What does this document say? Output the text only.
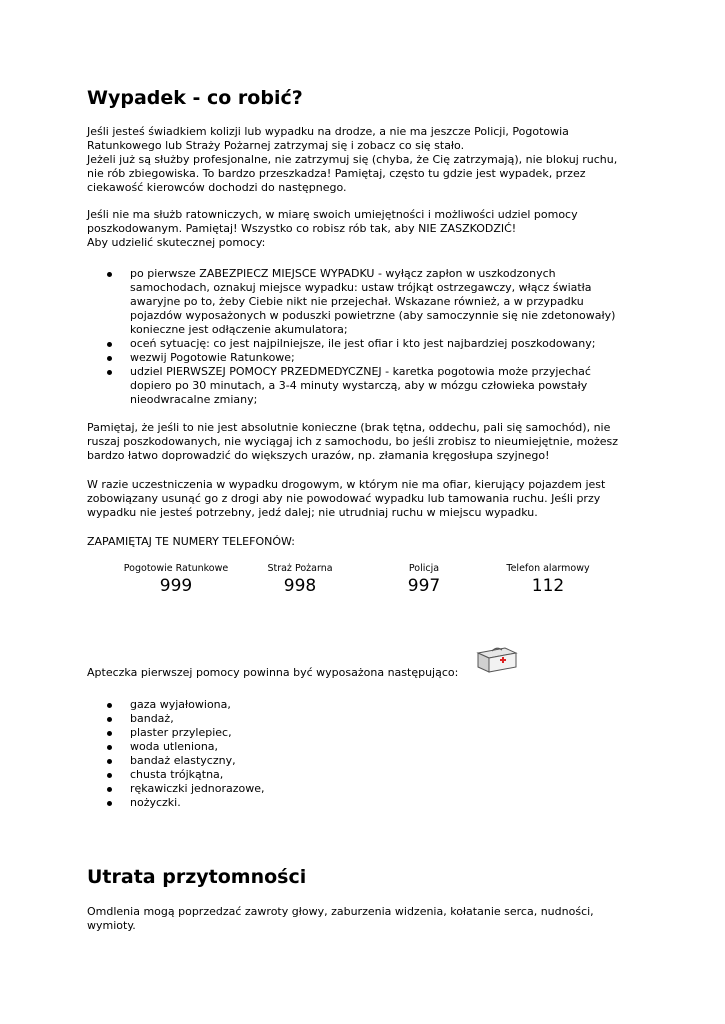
Wypadek - co robić?

Jeśli jesteś świadkiem kolizji lub wypadku na drodze, a nie ma jeszcze Policji, Pogotowia Ratunkowego lub Straży Pożarnej zatrzymaj się i zobacz co się stało.

Jeżeli już są służby profesjonalne, nie zatrzymuj się (chyba, że Cię zatrzymają), nie blokuj ruchu, nie rób zbiegowiska. To bardzo przeszkadza! Pamiętaj, często tu gdzie jest wypadek, przez ciekawość kierowców dochodzi do następnego.

Jeśli nie ma służb ratowniczych, w miarę swoich umiejętności i możliwości udziel pomocy poszkodowanym. Pamiętaj! Wszystko co robisz rób tak, aby NIE ZASZKODZIĆ!

Aby udzielić skutecznej pomocy:

po pierwsze ZABEZPIECZ MIEJSCE WYPADKU - wyłącz zapłon w uszkodzonych samochodach, oznakuj miejsce wypadku: ustaw trójkąt ostrzegawczy, włącz światła awaryjne po to, żeby Ciebie nikt nie przejechał. Wskazane również, a w przypadku pojazdów wyposażonych w poduszki powietrzne (aby samoczynnie się nie zdetonowały) konieczne jest odłączenie akumulatora;
oceń sytuację: co jest najpilniejsze, ile jest ofiar i kto jest najbardziej poszkodowany;
wezwij Pogotowie Ratunkowe;
udziel PIERWSZEJ POMOCY PRZEDMEDYCZNEJ - karetka pogotowia może przyjechać dopiero po 30 minutach, a 3-4 minuty wystarczą, aby w mózgu człowieka powstały nieodwracalne zmiany;

Pamiętaj, że jeśli to nie jest absolutnie konieczne (brak tętna, oddechu, pali się samochód), nie ruszaj poszkodowanych, nie wyciągaj ich z samochodu, bo jeśli zrobisz to nieumiejętnie, możesz bardzo łatwo doprowadzić do większych urazów, np. złamania kręgosłupa szyjnego!

W razie uczestniczenia w wypadku drogowym, w którym nie ma ofiar, kierujący pojazdem jest zobowiązany usunąć go z drogi aby nie powodować wypadku lub tamowania ruchu. Jeśli przy wypadku nie jesteś potrzebny, jedź dalej; nie utrudniaj ruchu w miejscu wypadku.

ZAPAMIĘTAJ TE NUMERY TELEFONÓW:

Pogotowie Ratunkowe
999
Straż Pożarna
998
Policja
997
Telefon alarmowy
112

Apteczka pierwszej pomocy powinna być wyposażona następująco:

gaza wyjałowiona,
bandaż,
plaster przylepiec,
woda utleniona,
bandaż elastyczny,
chusta trójkątna,
rękawiczki jednorazowe,
nożyczki.
Utrata przytomności

Omdlenia mogą poprzedzać zawroty głowy, zaburzenia widzenia, kołatanie serca, nudności, wymioty.
